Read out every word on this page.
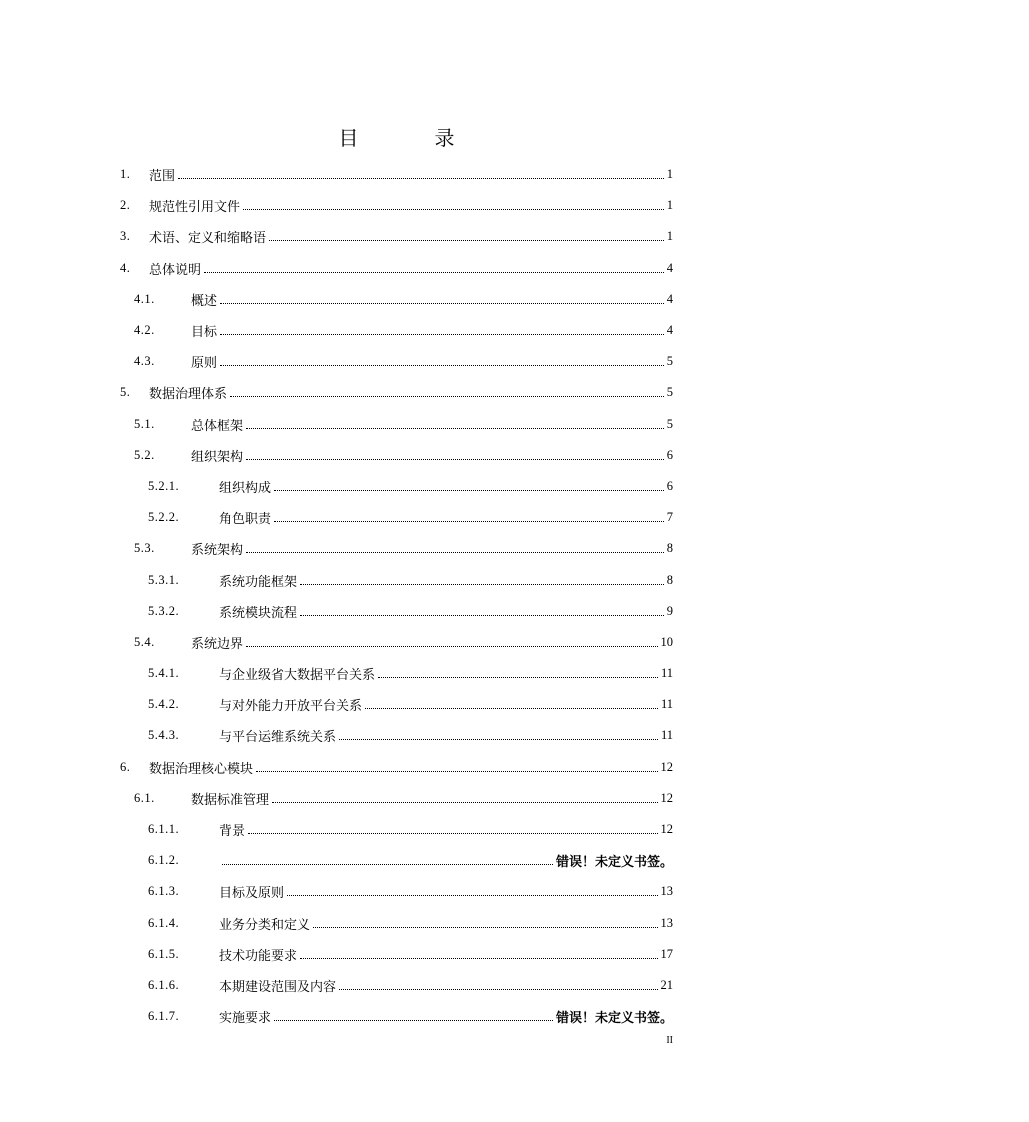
目　录
1.	范围	1
2.	规范性引用文件	1
3.	术语、定义和缩略语	1
4.	总体说明	4
4.1.	概述	4
4.2.	目标	4
4.3.	原则	5
5.	数据治理体系	5
5.1.	总体框架	5
5.2.	组织架构	6
5.2.1.	组织构成	6
5.2.2.	角色职责	7
5.3.	系统架构	8
5.3.1.	系统功能框架	8
5.3.2.	系统模块流程	9
5.4.	系统边界	10
5.4.1.	与企业级省大数据平台关系	11
5.4.2.	与对外能力开放平台关系	11
5.4.3.	与平台运维系统关系	11
6.	数据治理核心模块	12
6.1.	数据标准管理	12
6.1.1.	背景	12
6.1.2.	错误！未定义书签。
6.1.3.	目标及原则	13
6.1.4.	业务分类和定义	13
6.1.5.	技术功能要求	17
6.1.6.	本期建设范围及内容	21
6.1.7.	实施要求	错误！未定义书签。
II
